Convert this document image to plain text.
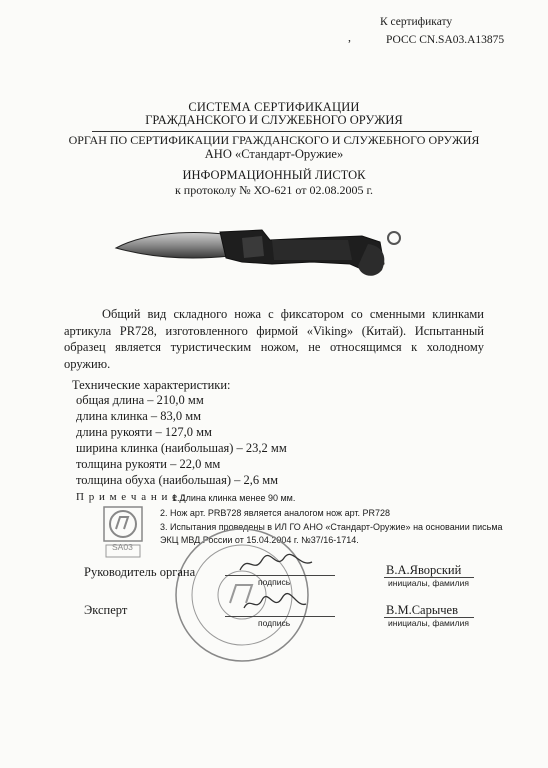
К сертификату
,	РОСС CN.SA03.A13875
СИСТЕМА СЕРТИФИКАЦИИ
ГРАЖДАНСКОГО И СЛУЖЕБНОГО ОРУЖИЯ
ОРГАН ПО СЕРТИФИКАЦИИ ГРАЖДАНСКОГО И СЛУЖЕБНОГО ОРУЖИЯ
АНО «Стандарт-Оружие»
ИНФОРМАЦИОННЫЙ ЛИСТОК
к протоколу № ХО-621 от 02.08.2005 г.

Общий вид складного ножа с фиксатором со сменными клинками артикула PR728, изготовленного фирмой «Viking» (Китай). Испытанный образец является туристическим ножом, не относящимся к холодному оружию.

Технические характеристики:
общая длина – 210,0 мм
длина клинка – 83,0 мм
длина рукояти – 127,0 мм
ширина клинка (наибольшая) – 23,2 мм
толщина рукояти – 22,0 мм
толщина обуха (наибольшая) – 2,6 мм
П р и м е ч а н и е :
1.Длина клинка менее 90 мм.
2. Нож арт. PRB728 является аналогом нож арт. PR728
3. Испытания проведены в ИЛ ГО АНО «Стандарт-Оружие» на основании письма
ЭКЦ МВД России от 15.04.2004 г. №37/16-1714.
SA03
Руководитель органа
подпись
В.А.Яворский
инициалы, фамилия
Эксперт
подпись
В.М.Сарычев
инициалы, фамилия
